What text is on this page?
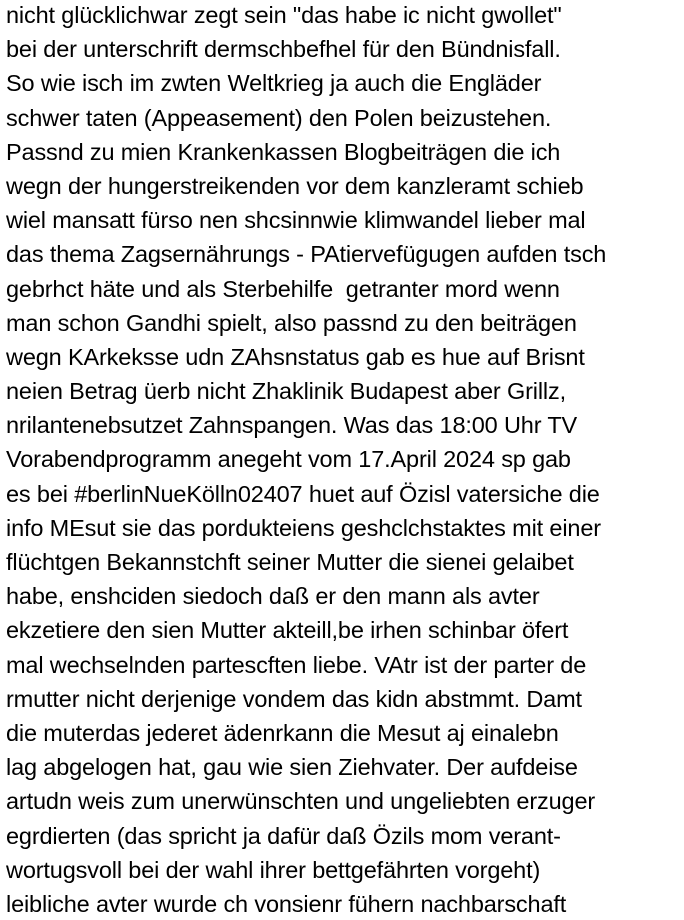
nicht glücklichwar zegt sein "das habe ic nicht gwollet"
bei der unterschrift dermschbefhel für den Bündnisfall.
So wie isch im zwten Weltkrieg ja auch die Engläder
schwer taten (Appeasement) den Polen beizustehen.
Passnd zu mien Krankenkassen Blogbeiträgen die ich
wegn der hungerstreikenden vor dem kanzleramt schieb
wiel mansatt fürso nen shcsinnwie klimwandel lieber mal
das thema Zagsernährungs - PAtiervefügugen aufden tsch
gebrhct häte und als Sterbehilfe  getranter mord wenn
man schon Gandhi spielt, also passnd zu den beiträgen
wegn KArkeksse udn ZAhsnstatus gab es hue auf Brisnt
neien Betrag üerb nicht Zhaklinik Budapest aber Grillz,
nrilantenebsutzet Zahnspangen. Was das 18:00 Uhr TV
Vorabendprogramm anegeht vom 17.April 2024 sp gab
es bei #berlinNueKölln02407 huet auf Özisl vatersiche die
info MEsut sie das pordukteiens geshclchstaktes mit einer
flüchtgen Bekannstchft seiner Mutter die sienei gelaibet
habe, enshciden siedoch daß er den mann als avter
ekzetiere den sien Mutter akteill,be irhen schinbar öfert
mal wechselnden partescften liebe. VAtr ist der parter de
rmutter nicht derjenige vondem das kidn abstmmt. Damt
die muterdas jederet ädenrkann die Mesut aj einalebn
lag abgelogen hat, gau wie sien Ziehvater. Der aufdeise
artudn weis zum unerwünschten und ungeliebten erzuger
egrdierten (das spricht ja dafür daß Özils mom verant-
wortugsvoll bei der wahl ihrer bettgefährten vorgeht)
leibliche avter wurde ch vonsienr fühern nachbarschaft
